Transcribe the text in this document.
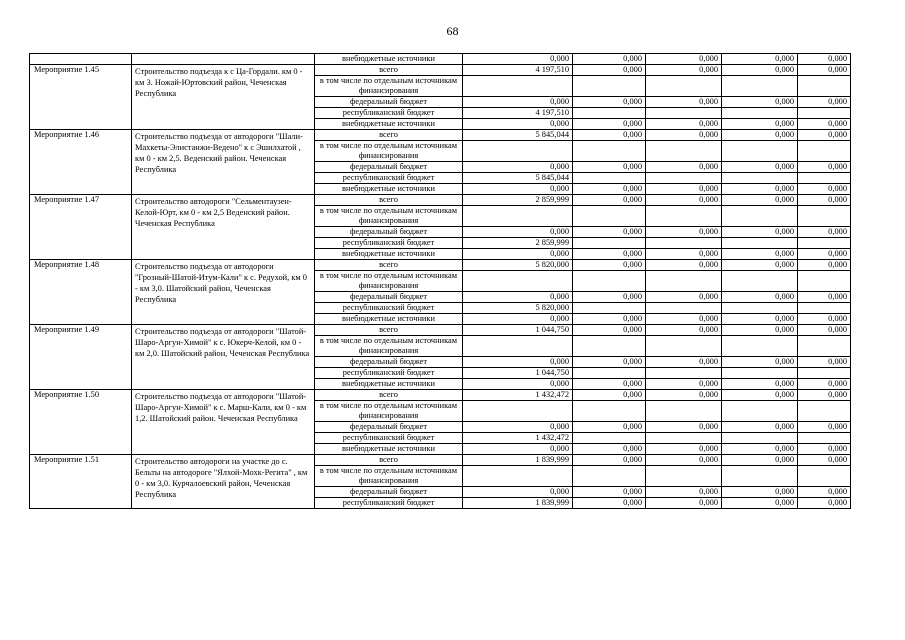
68
		внебюджетные источники	0,000	0,000	0,000	0,000	0,000
Мероприятие 1.45	Строительство подъезда к с Ца-Гордали. км 0 - км 3. Ножай-Юртовский район, Чеченская Республика	всего	4 197,510	0,000	0,000	0,000	0,000
		в том числе по отдельным источникам финансирования					
		федеральный бюджет	0,000	0,000	0,000	0,000	0,000
		республиканский бюджет	4 197,510				
		внебюджетные источники	0,000	0,000	0,000	0,000	0,000
Мероприятие 1.46	Строительство подъезда от автодороги "Шали-Махкеты-Элистанжи-Ведено" к с Эшилхатой , км 0 - км 2,5. Веденский район. Чеченская Республика	всего	5 845,044	0,000	0,000	0,000	0,000
		в том числе по отдельным источникам финансирования					
		федеральный бюджет	0,000	0,000	0,000	0,000	0,000
		республиканский бюджет	5 845,044				
		внебюджетные источники	0,000	0,000	0,000	0,000	0,000
Мероприятие 1.47	Строительство автодороги "Сельментаузен-Келой-Юрт, км 0 - км 2,5 Веденский район. Чеченская Республика	всего	2 859,999	0,000	0,000	0,000	0,000
		в том числе по отдельным источникам финансирования					
		федеральный бюджет	0,000	0,000	0,000	0,000	0,000
		республиканский бюджет	2 859,999				
		внебюджетные источники	0,000	0,000	0,000	0,000	0,000
Мероприятие 1.48	Строительство подъезда от автодороги "Грозный-Шатой-Итум-Кали" к с. Редухой, км 0 - км 3,0. Шатойский район, Чеченская Республика	всего	5 820,000	0,000	0,000	0,000	0,000
		в том числе по отдельным источникам финансирования					
		федеральный бюджет	0,000	0,000	0,000	0,000	0,000
		республиканский бюджет	5 820,000				
		внебюджетные источники	0,000	0,000	0,000	0,000	0,000
Мероприятие 1.49	Строительство подъезда от автодороги "Шатой-Шаро-Аргун-Химой" к с. Юкерч-Келой, км 0 - км 2,0. Шатойский район, Чеченская Республика	всего	1 044,750	0,000	0,000	0,000	0,000
		в том числе по отдельным источникам финансирования					
		федеральный бюджет	0,000	0,000	0,000	0,000	0,000
		республиканский бюджет	1 044,750				
		внебюджетные источники	0,000	0,000	0,000	0,000	0,000
Мероприятие 1.50	Строительство подъезда от автодороги "Шатой-Шаро-Аргун-Химой" к с. Марш-Кали, км 0 - км 1,2. Шатойский район. Чеченская Республика	всего	1 432,472	0,000	0,000	0,000	0,000
		в том числе по отдельным источникам финансирования					
		федеральный бюджет	0,000	0,000	0,000	0,000	0,000
		республиканский бюджет	1 432,472				
		внебюджетные источники	0,000	0,000	0,000	0,000	0,000
Мероприятие 1.51	Строительство автодороги на участке до с. Бельты на автодороге "Ялхой-Мохк-Регита" , км 0 - км 3,0. Курчалоевский район, Чеченская Республика	всего	1 839,999	0,000	0,000	0,000	0,000
		в том числе по отдельным источникам финансирования					
		федеральный бюджет	0,000	0,000	0,000	0,000	0,000
		республиканский бюджет	1 839,999	0,000	0,000	0,000	0,000
